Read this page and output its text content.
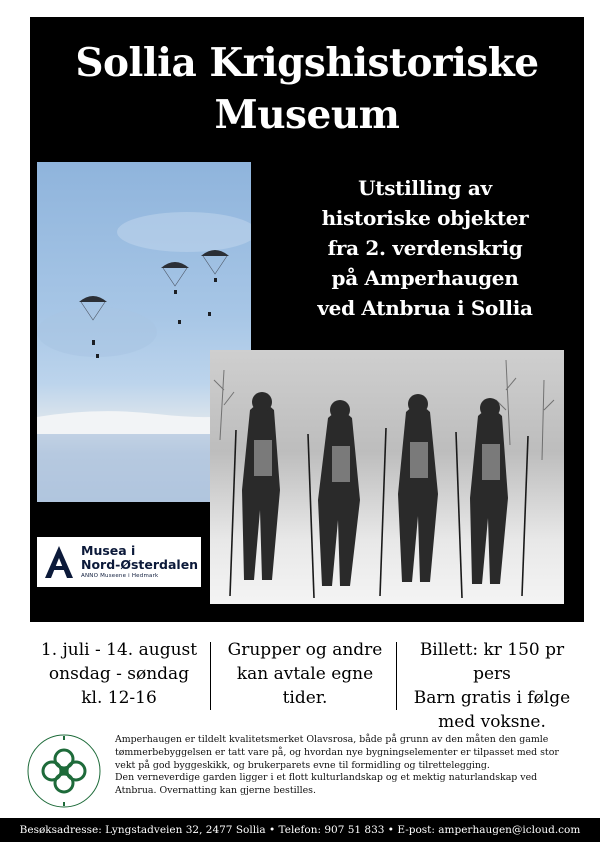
Sollia Krigshistoriske
Museum
Utstilling av
historiske objekter
fra 2. verdenskrig
på Amperhaugen
ved Atnbrua i Sollia
Musea i
Nord-Østerdalen
ANNO Museene i Hedmark
1. juli - 14. august
onsdag - søndag
kl. 12-16
Grupper og andre
kan avtale egne
tider.
Billett: kr 150 pr pers
Barn gratis i følge
med voksne.
Amperhaugen er tildelt kvalitetsmerket Olavsrosa, både på grunn av den måten den gamle
tømmerbebyggelsen er tatt vare på, og hvordan nye bygningselementer er tilpasset med stor
vekt på god byggeskikk, og brukerparets evne til formidling og tilrettelegging.
Den verneverdige garden ligger i et flott kulturlandskap og et mektig naturlandskap ved
Atnbrua. Overnatting kan gjerne bestilles.
Besøksadresse: Lyngstadveien 32, 2477 Sollia • Telefon: 907 51 833 • E-post: amperhaugen@icloud.com
